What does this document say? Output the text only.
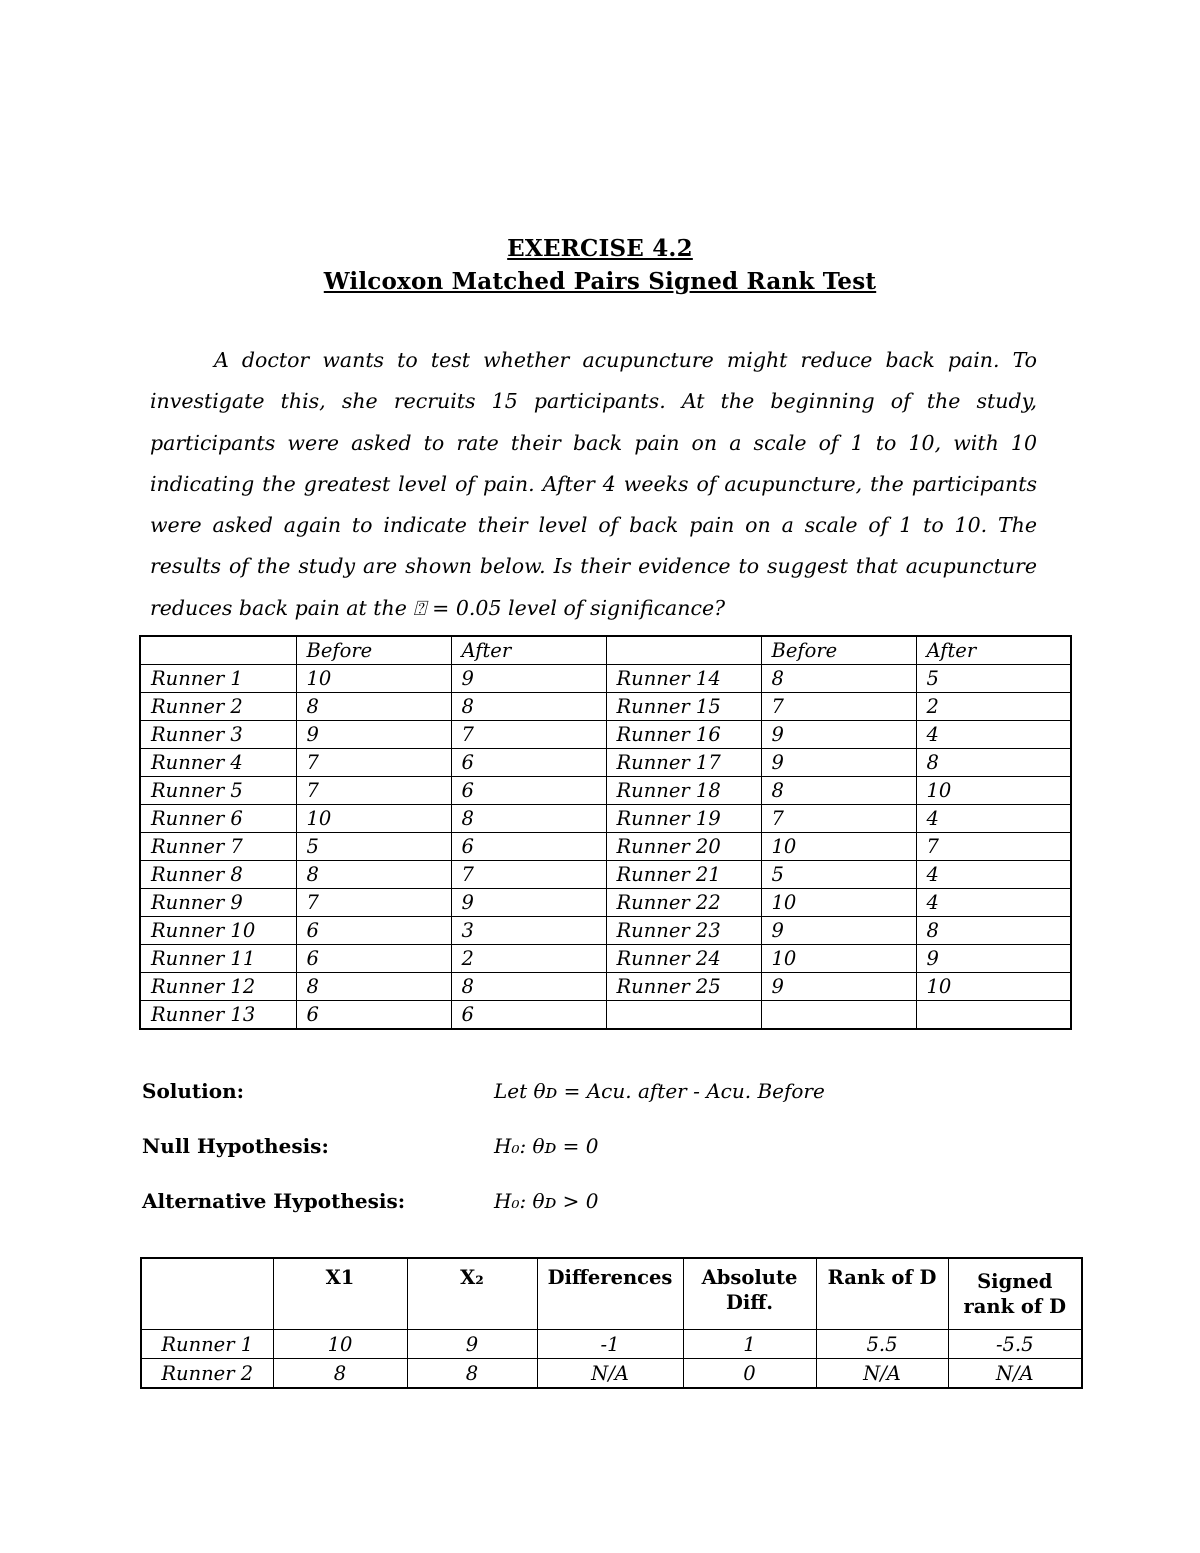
EXERCISE 4.2
Wilcoxon Matched Pairs Signed Rank Test

A doctor wants to test whether acupuncture might reduce back pain. To investigate this, she recruits 15 participants. At the beginning of the study, participants were asked to rate their back pain on a scale of 1 to 10, with 10 indicating the greatest level of pain. After 4 weeks of acupuncture, the participants were asked again to indicate their level of back pain on a scale of 1 to 10. The results of the study are shown below. Is their evidence to suggest that acupuncture reduces back pain at the ⍰ = 0.05 level of significance?

	Before	After		Before	After
Runner 1	10	9	Runner 14	8	5
Runner 2	8	8	Runner 15	7	2
Runner 3	9	7	Runner 16	9	4
Runner 4	7	6	Runner 17	9	8
Runner 5	7	6	Runner 18	8	10
Runner 6	10	8	Runner 19	7	4
Runner 7	5	6	Runner 20	10	7
Runner 8	8	7	Runner 21	5	4
Runner 9	7	9	Runner 22	10	4
Runner 10	6	3	Runner 23	9	8
Runner 11	6	2	Runner 24	10	9
Runner 12	8	8	Runner 25	9	10
Runner 13	6	6			
Solution:	Let θᴅ = Acu. after - Acu. Before
Null Hypothesis:	H₀: θᴅ = 0
Alternative Hypothesis:	H₀: θᴅ > 0
	X1	X₂	Differences	Absolute Diff.	Rank of D	Signed rank of D
Runner 1	10	9	-1	1	5.5	-5.5
Runner 2	8	8	N/A	0	N/A	N/A
